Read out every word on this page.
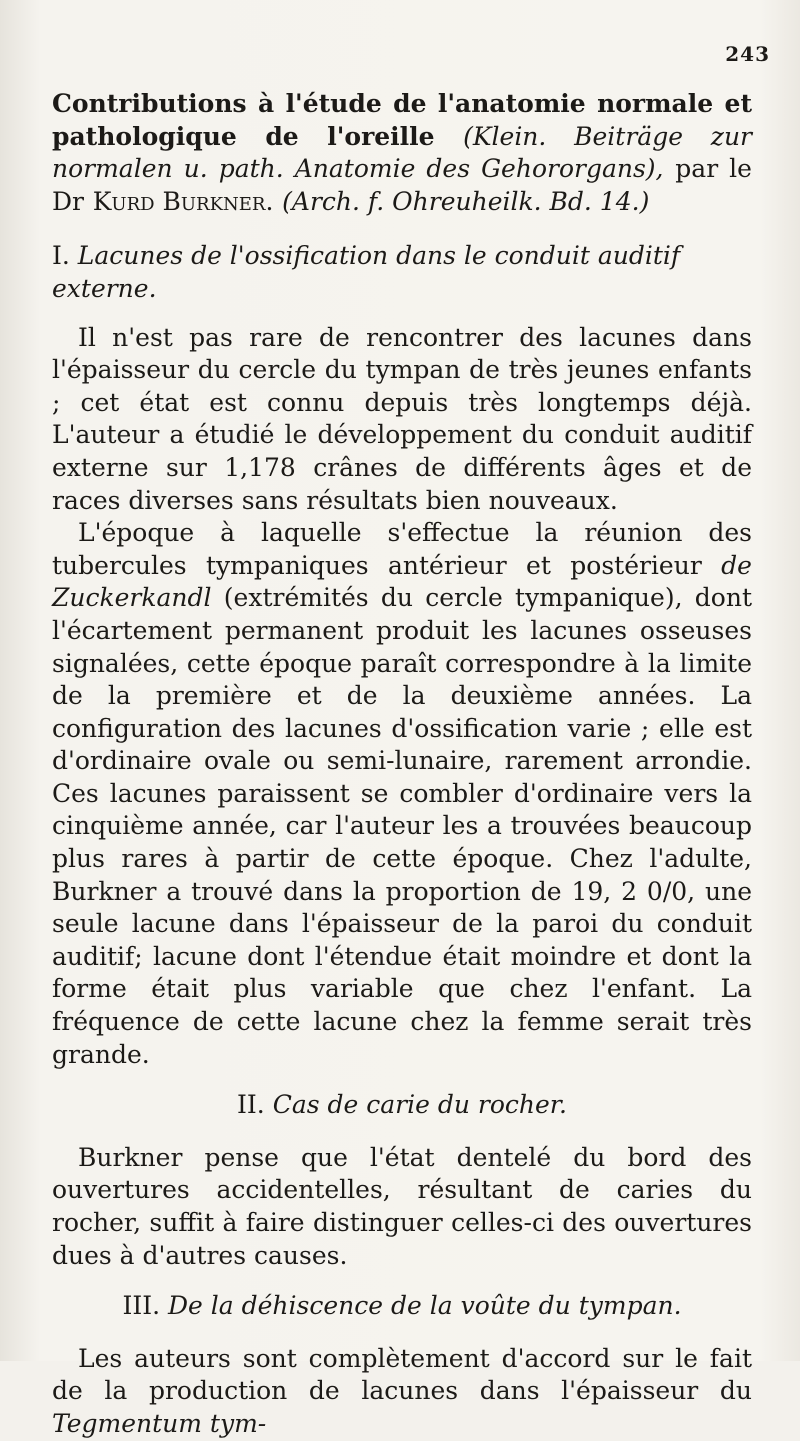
243
Contributions à l'étude de l'anatomie normale et pathologique de l'oreille (Klein. Beiträge zur normalen u. path. Anatomie des Gehororgans), par le Dr Kurd Burkner. (Arch. f. Ohreuheilk. Bd. 14.)
I. Lacunes de l'ossification dans le conduit auditif externe.

Il n'est pas rare de rencontrer des lacunes dans l'épaisseur du cercle du tympan de très jeunes enfants ; cet état est connu depuis très longtemps déjà. L'auteur a étudié le développement du conduit auditif externe sur 1,178 crânes de différents âges et de races diverses sans résultats bien nouveaux.

L'époque à laquelle s'effectue la réunion des tubercules tympaniques antérieur et postérieur de Zuckerkandl (extrémités du cercle tympanique), dont l'écartement permanent produit les lacunes osseuses signalées, cette époque paraît correspondre à la limite de la première et de la deuxième années. La configuration des lacunes d'ossification varie ; elle est d'ordinaire ovale ou semi-lunaire, rarement arrondie. Ces lacunes paraissent se combler d'ordinaire vers la cinquième année, car l'auteur les a trouvées beaucoup plus rares à partir de cette époque. Chez l'adulte, Burkner a trouvé dans la proportion de 19, 2 0/0, une seule lacune dans l'épaisseur de la paroi du conduit auditif; lacune dont l'étendue était moindre et dont la forme était plus variable que chez l'enfant. La fréquence de cette lacune chez la femme serait très grande.

II. Cas de carie du rocher.

Burkner pense que l'état dentelé du bord des ouvertures accidentelles, résultant de caries du rocher, suffit à faire distinguer celles-ci des ouvertures dues à d'autres causes.

III. De la déhiscence de la voûte du tympan.

Les auteurs sont complètement d'accord sur le fait de la production de lacunes dans l'épaisseur du Tegmentum tym-
